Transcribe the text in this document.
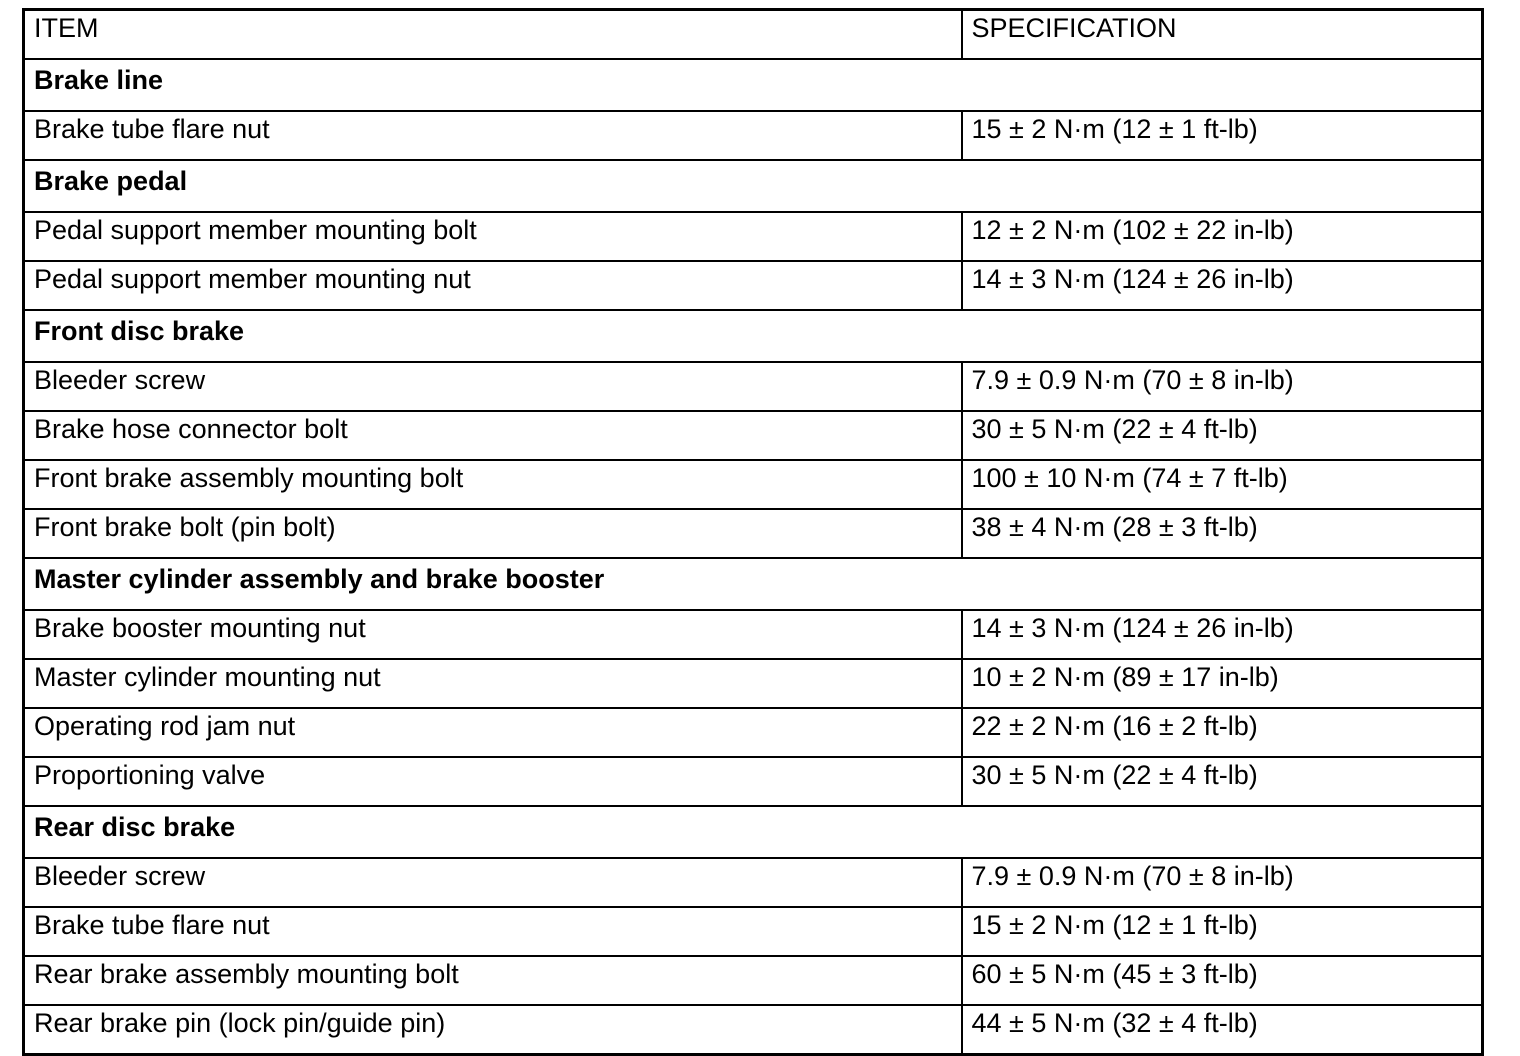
ITEM	SPECIFICATION
Brake line	
Brake tube flare nut	15 ± 2 N·m (12 ± 1 ft-lb)
Brake pedal	
Pedal support member mounting bolt	12 ± 2 N·m (102 ± 22 in-lb)
Pedal support member mounting nut	14 ± 3 N·m (124 ± 26 in-lb)
Front disc brake	
Bleeder screw	7.9 ± 0.9 N·m (70 ± 8 in-lb)
Brake hose connector bolt	30 ± 5 N·m (22 ± 4 ft-lb)
Front brake assembly mounting bolt	100 ± 10 N·m (74 ± 7 ft-lb)
Front brake bolt (pin bolt)	38 ± 4 N·m (28 ± 3 ft-lb)
Master cylinder assembly and brake booster	
Brake booster mounting nut	14 ± 3 N·m (124 ± 26 in-lb)
Master cylinder mounting nut	10 ± 2 N·m (89 ± 17 in-lb)
Operating rod jam nut	22 ± 2 N·m (16 ± 2 ft-lb)
Proportioning valve	30 ± 5 N·m (22 ± 4 ft-lb)
Rear disc brake	
Bleeder screw	7.9 ± 0.9 N·m (70 ± 8 in-lb)
Brake tube flare nut	15 ± 2 N·m (12 ± 1 ft-lb)
Rear brake assembly mounting bolt	60 ± 5 N·m (45 ± 3 ft-lb)
Rear brake pin (lock pin/guide pin)	44 ± 5 N·m (32 ± 4 ft-lb)
